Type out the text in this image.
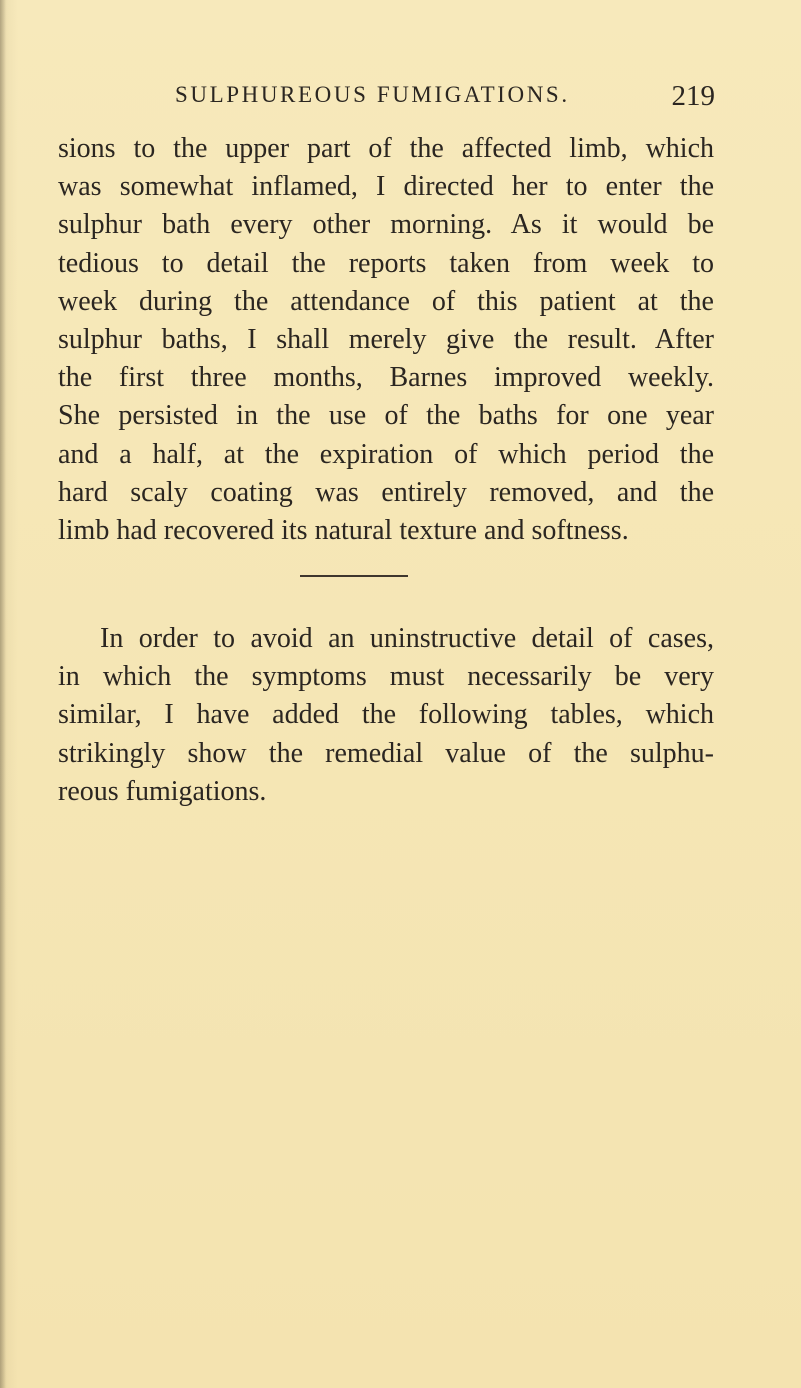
SULPHUREOUS FUMIGATIONS.	219
sions to the upper part of the affected limb, which
was somewhat inflamed, I directed her to enter the
sulphur bath every other morning. As it would be
tedious to detail the reports taken from week to
week during the attendance of this patient at the
sulphur baths, I shall merely give the result. After
the first three months, Barnes improved weekly.
She persisted in the use of the baths for one year
and a half, at the expiration of which period the
hard scaly coating was entirely removed, and the
limb had recovered its natural texture and softness.
In order to avoid an uninstructive detail of cases,
in which the symptoms must necessarily be very
similar, I have added the following tables, which
strikingly show the remedial value of the sulphu-
reous fumigations.
